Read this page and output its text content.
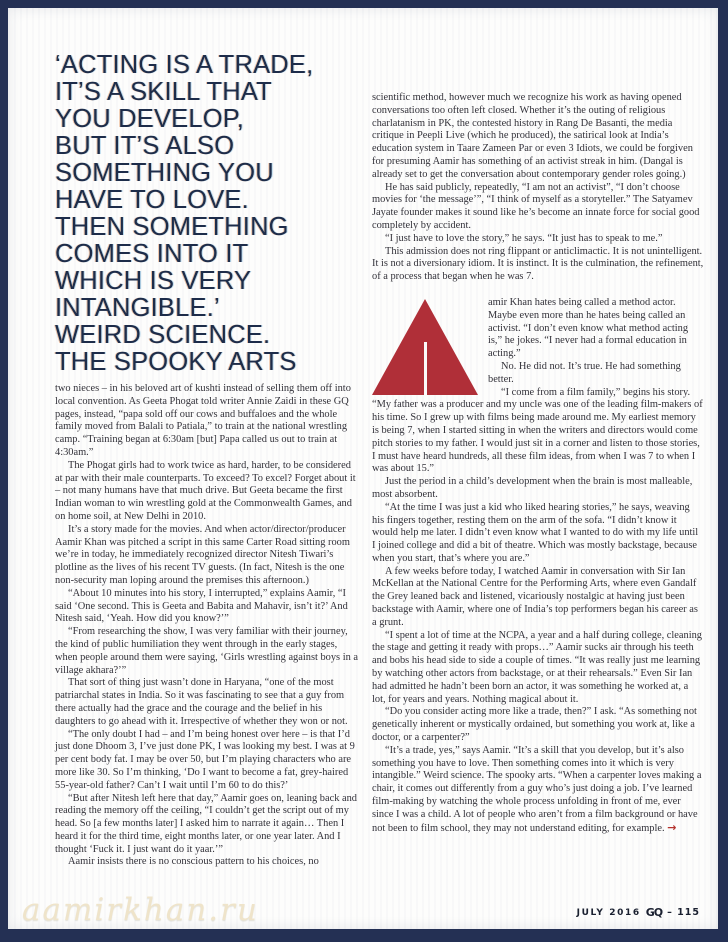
‘ACTING IS A TRADE,
IT’S A SKILL THAT
YOU DEVELOP,
BUT IT’S ALSO
SOMETHING YOU
HAVE TO LOVE.
THEN SOMETHING
COMES INTO IT
WHICH IS VERY
INTANGIBLE.’
WEIRD SCIENCE.
THE SPOOKY ARTS

two nieces – in his beloved art of kushti instead of selling them off into local convention. As Geeta Phogat told writer Annie Zaidi in these GQ pages, instead, “papa sold off our cows and buffaloes and the whole family moved from Balali to Patiala,” to train at the national wrestling camp. “Training began at 6:30am [but] Papa called us out to train at 4:30am.”

The Phogat girls had to work twice as hard, harder, to be considered at par with their male counterparts. To exceed? To excel? Forget about it – not many humans have that much drive. But Geeta became the first Indian woman to win wrestling gold at the Commonwealth Games, and on home soil, at New Delhi in 2010.

It’s a story made for the movies. And when actor/director/producer Aamir Khan was pitched a script in this same Carter Road sitting room we’re in today, he immediately recognized director Nitesh Tiwari’s plotline as the lives of his recent TV guests. (In fact, Nitesh is the one non-security man loping around the premises this afternoon.)

“About 10 minutes into his story, I interrupted,” explains Aamir, “I said ‘One second. This is Geeta and Babita and Mahavir, isn’t it?’ And Nitesh said, ‘Yeah. How did you know?’”

“From researching the show, I was very familiar with their journey, the kind of public humiliation they went through in the early stages, when people around them were saying, ‘Girls wrestling against boys in a village akhara?’”

That sort of thing just wasn’t done in Haryana, “one of the most patriarchal states in India. So it was fascinating to see that a guy from there actually had the grace and the courage and the belief in his daughters to go ahead with it. Irrespective of whether they won or not.

“The only doubt I had – and I’m being honest over here – is that I’d just done Dhoom 3, I’ve just done PK, I was looking my best. I was at 9 per cent body fat. I may be over 50, but I’m playing characters who are more like 30. So I’m thinking, ‘Do I want to become a fat, grey-haired 55-year-old father? Can’t I wait until I’m 60 to do this?’

“But after Nitesh left here that day,” Aamir goes on, leaning back and reading the memory off the ceiling, “I couldn’t get the script out of my head. So [a few months later] I asked him to narrate it again… Then I heard it for the third time, eight months later, or one year later. And I thought ‘Fuck it. I just want do it yaar.’”

Aamir insists there is no conscious pattern to his choices, no

scientific method, however much we recognize his work as having opened conversations too often left closed. Whether it’s the outing of religious charlatanism in PK, the contested history in Rang De Basanti, the media critique in Peepli Live (which he produced), the satirical look at India’s education system in Taare Zameen Par or even 3 Idiots, we could be forgiven for presuming Aamir has something of an activist streak in him. (Dangal is already set to get the conversation about contemporary gender roles going.)

He has said publicly, repeatedly, “I am not an activist”, “I don’t choose movies for ‘the message’”, “I think of myself as a storyteller.” The Satyamev Jayate founder makes it sound like he’s become an innate force for social good completely by accident.

“I just have to love the story,” he says. “It just has to speak to me.”

This admission does not ring flippant or anticlimactic. It is not unintelligent. It is not a diversionary idiom. It is instinct. It is the culmination, the refinement, of a process that began when he was 7.

amir Khan hates being called a method actor. Maybe even more than he hates being called an activist. “I don’t even know what method acting is,” he jokes. “I never had a formal education in acting.”

No. He did not. It’s true. He had something better.

“I come from a film family,” begins his story. “My father was a producer and my uncle was one of the leading film-makers of his time. So I grew up with films being made around me. My earliest memory is being 7, when I started sitting in when the writers and directors would come pitch stories to my father. I would just sit in a corner and listen to those stories, I must have heard hundreds, all these film ideas, from when I was 7 to when I was about 15.”

Just the period in a child’s development when the brain is most malleable, most absorbent.

“At the time I was just a kid who liked hearing stories,” he says, weaving his fingers together, resting them on the arm of the sofa. “I didn’t know it would help me later. I didn’t even know what I wanted to do with my life until I joined college and did a bit of theatre. Which was mostly backstage, because when you start, that’s where you are.”

A few weeks before today, I watched Aamir in conversation with Sir Ian McKellan at the National Centre for the Performing Arts, where even Gandalf the Grey leaned back and listened, vicariously nostalgic at having just been backstage with Aamir, where one of India’s top performers began his career as a grunt.

“I spent a lot of time at the NCPA, a year and a half during college, cleaning the stage and getting it ready with props…” Aamir sucks air through his teeth and bobs his head side to side a couple of times. “It was really just me learning by watching other actors from backstage, or at their rehearsals.” Even Sir Ian had admitted he hadn’t been born an actor, it was something he worked at, a lot, for years and years. Nothing magical about it.

“Do you consider acting more like a trade, then?” I ask. “As something not genetically inherent or mystically ordained, but something you work at, like a doctor, or a carpenter?”

“It’s a trade, yes,” says Aamir. “It’s a skill that you develop, but it’s also something you have to love. Then something comes into it which is very intangible.” Weird science. The spooky arts. “When a carpenter loves making a chair, it comes out differently from a guy who’s just doing a job. I’ve learned film-making by watching the whole process unfolding in front of me, ever since I was a child. A lot of people who aren’t from a film background or have not been to film school, they may not understand editing, for example. →

aamirkhan.ru	JULY 2016 GQ – 115
